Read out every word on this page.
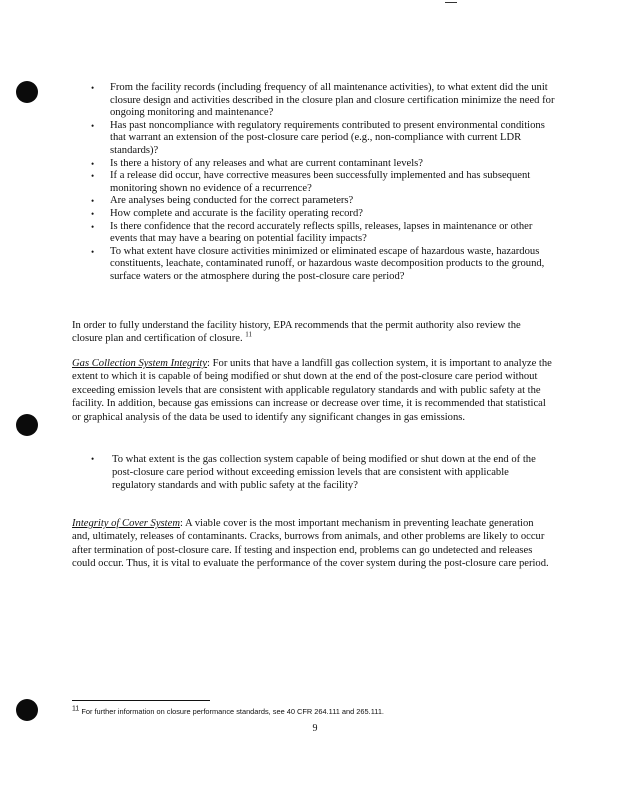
• From the facility records (including frequency of all maintenance activities), to what extent did the unit closure design and activities described in the closure plan and closure certification minimize the need for ongoing monitoring and maintenance?
• Has past noncompliance with regulatory requirements contributed to present environmental conditions that warrant an extension of the post-closure care period (e.g., non-compliance with current LDR standards)?
• Is there a history of any releases and what are current contaminant levels?
• If a release did occur, have corrective measures been successfully implemented and has subsequent monitoring shown no evidence of a recurrence?
• Are analyses being conducted for the correct parameters?
• How complete and accurate is the facility operating record?
• Is there confidence that the record accurately reflects spills, releases, lapses in maintenance or other events that may have a bearing on potential facility impacts?
• To what extent have closure activities minimized or eliminated escape of hazardous waste, hazardous constituents, leachate, contaminated runoff, or hazardous waste decomposition products to the ground, surface waters or the atmosphere during the post-closure care period?

In order to fully understand the facility history, EPA recommends that the permit authority also review the closure plan and certification of closure. $^{11}$

Gas Collection System Integrity: For units that have a landfill gas collection system, it is important to analyze the extent to which it is capable of being modified or shut down at the end of the post-closure care period without exceeding emission levels that are consistent with applicable regulatory standards and with public safety at the facility. In addition, because gas emissions can increase or decrease over time, it is recommended that statistical or graphical analysis of the data be used to identify any significant changes in gas emissions.

• To what extent is the gas collection system capable of being modified or shut down at the end of the post-closure care period without exceeding emission levels that are consistent with applicable regulatory standards and with public safety at the facility?

Integrity of Cover System: A viable cover is the most important mechanism in preventing leachate generation and, ultimately, releases of contaminants. Cracks, burrows from animals, and other problems are likely to occur after termination of post-closure care. If testing and inspection end, problems can go undetected and releases could occur. Thus, it is vital to evaluate the performance of the cover system during the post-closure care period.

$^{11}$ For further information on closure performance standards, see 40 CFR 264.111 and 265.111.

9
